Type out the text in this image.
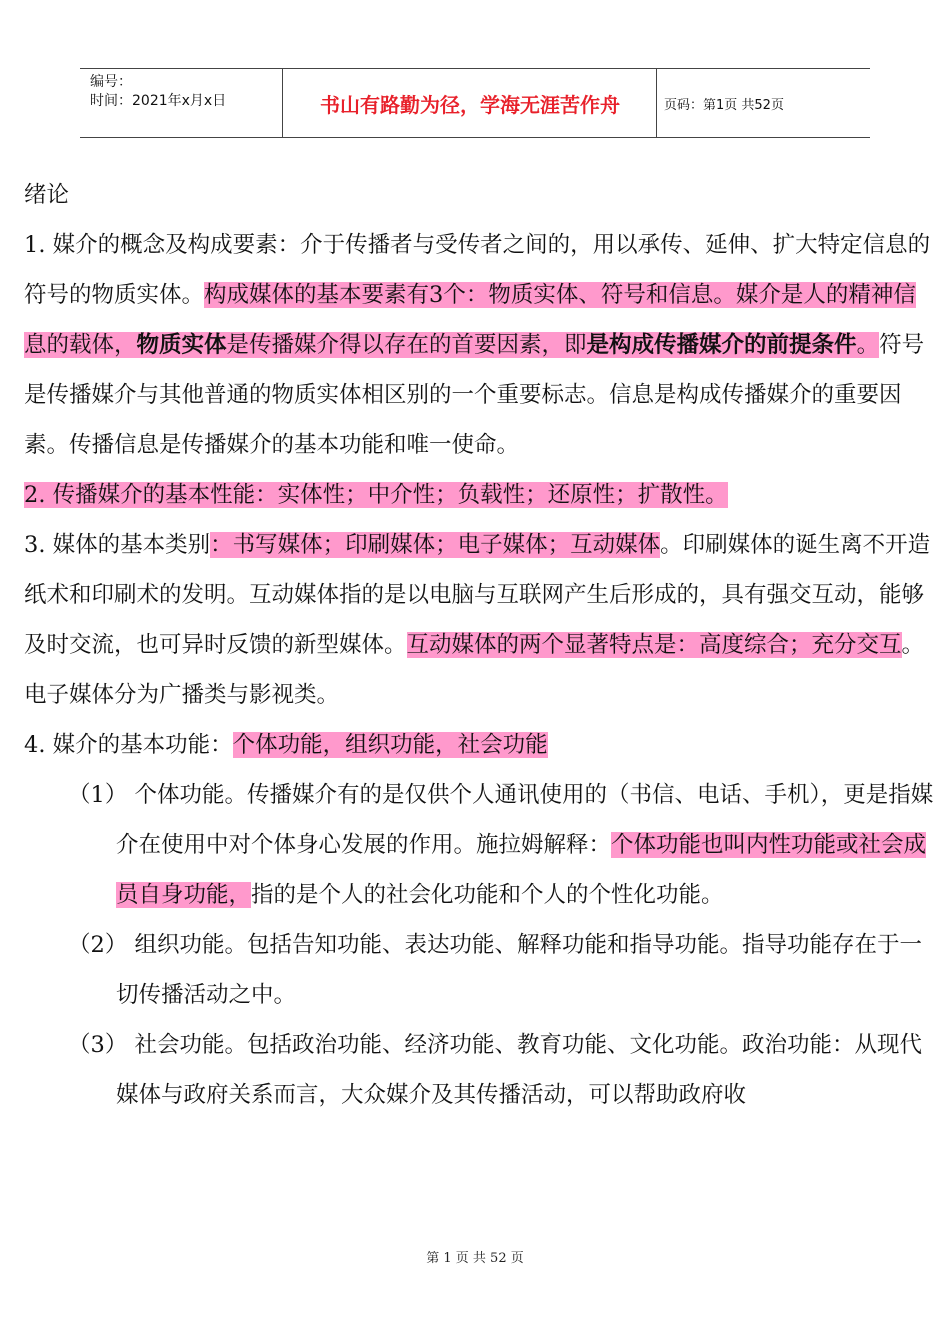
编号：
时间：2021年x月x日	书山有路勤为径，学海无涯苦作舟	页码：第1页 共52页
绪论

1. 媒介的概念及构成要素：介于传播者与受传者之间的，用以承传、延伸、扩大特定信息的符号的物质实体。构成媒体的基本要素有3个：物质实体、符号和信息。媒介是人的精神信息的载体，物质实体是传播媒介得以存在的首要因素，即是构成传播媒介的前提条件。符号是传播媒介与其他普通的物质实体相区别的一个重要标志。信息是构成传播媒介的重要因素。传播信息是传播媒介的基本功能和唯一使命。

2. 传播媒介的基本性能：实体性；中介性；负载性；还原性；扩散性。

3. 媒体的基本类别：书写媒体；印刷媒体；电子媒体；互动媒体。印刷媒体的诞生离不开造纸术和印刷术的发明。互动媒体指的是以电脑与互联网产生后形成的，具有强交互动，能够及时交流，也可异时反馈的新型媒体。互动媒体的两个显著特点是：高度综合；充分交互。电子媒体分为广播类与影视类。

4. 媒介的基本功能：个体功能，组织功能，社会功能

（1） 个体功能。传播媒介有的是仅供个人通讯使用的（书信、电话、手机），更是指媒介在使用中对个体身心发展的作用。施拉姆解释：个体功能也叫内性功能或社会成员自身功能，指的是个人的社会化功能和个人的个性化功能。

（2） 组织功能。包括告知功能、表达功能、解释功能和指导功能。指导功能存在于一切传播活动之中。

（3） 社会功能。包括政治功能、经济功能、教育功能、文化功能。政治功能：从现代媒体与政府关系而言，大众媒介及其传播活动，可以帮助政府收

第 1 页 共 52 页
